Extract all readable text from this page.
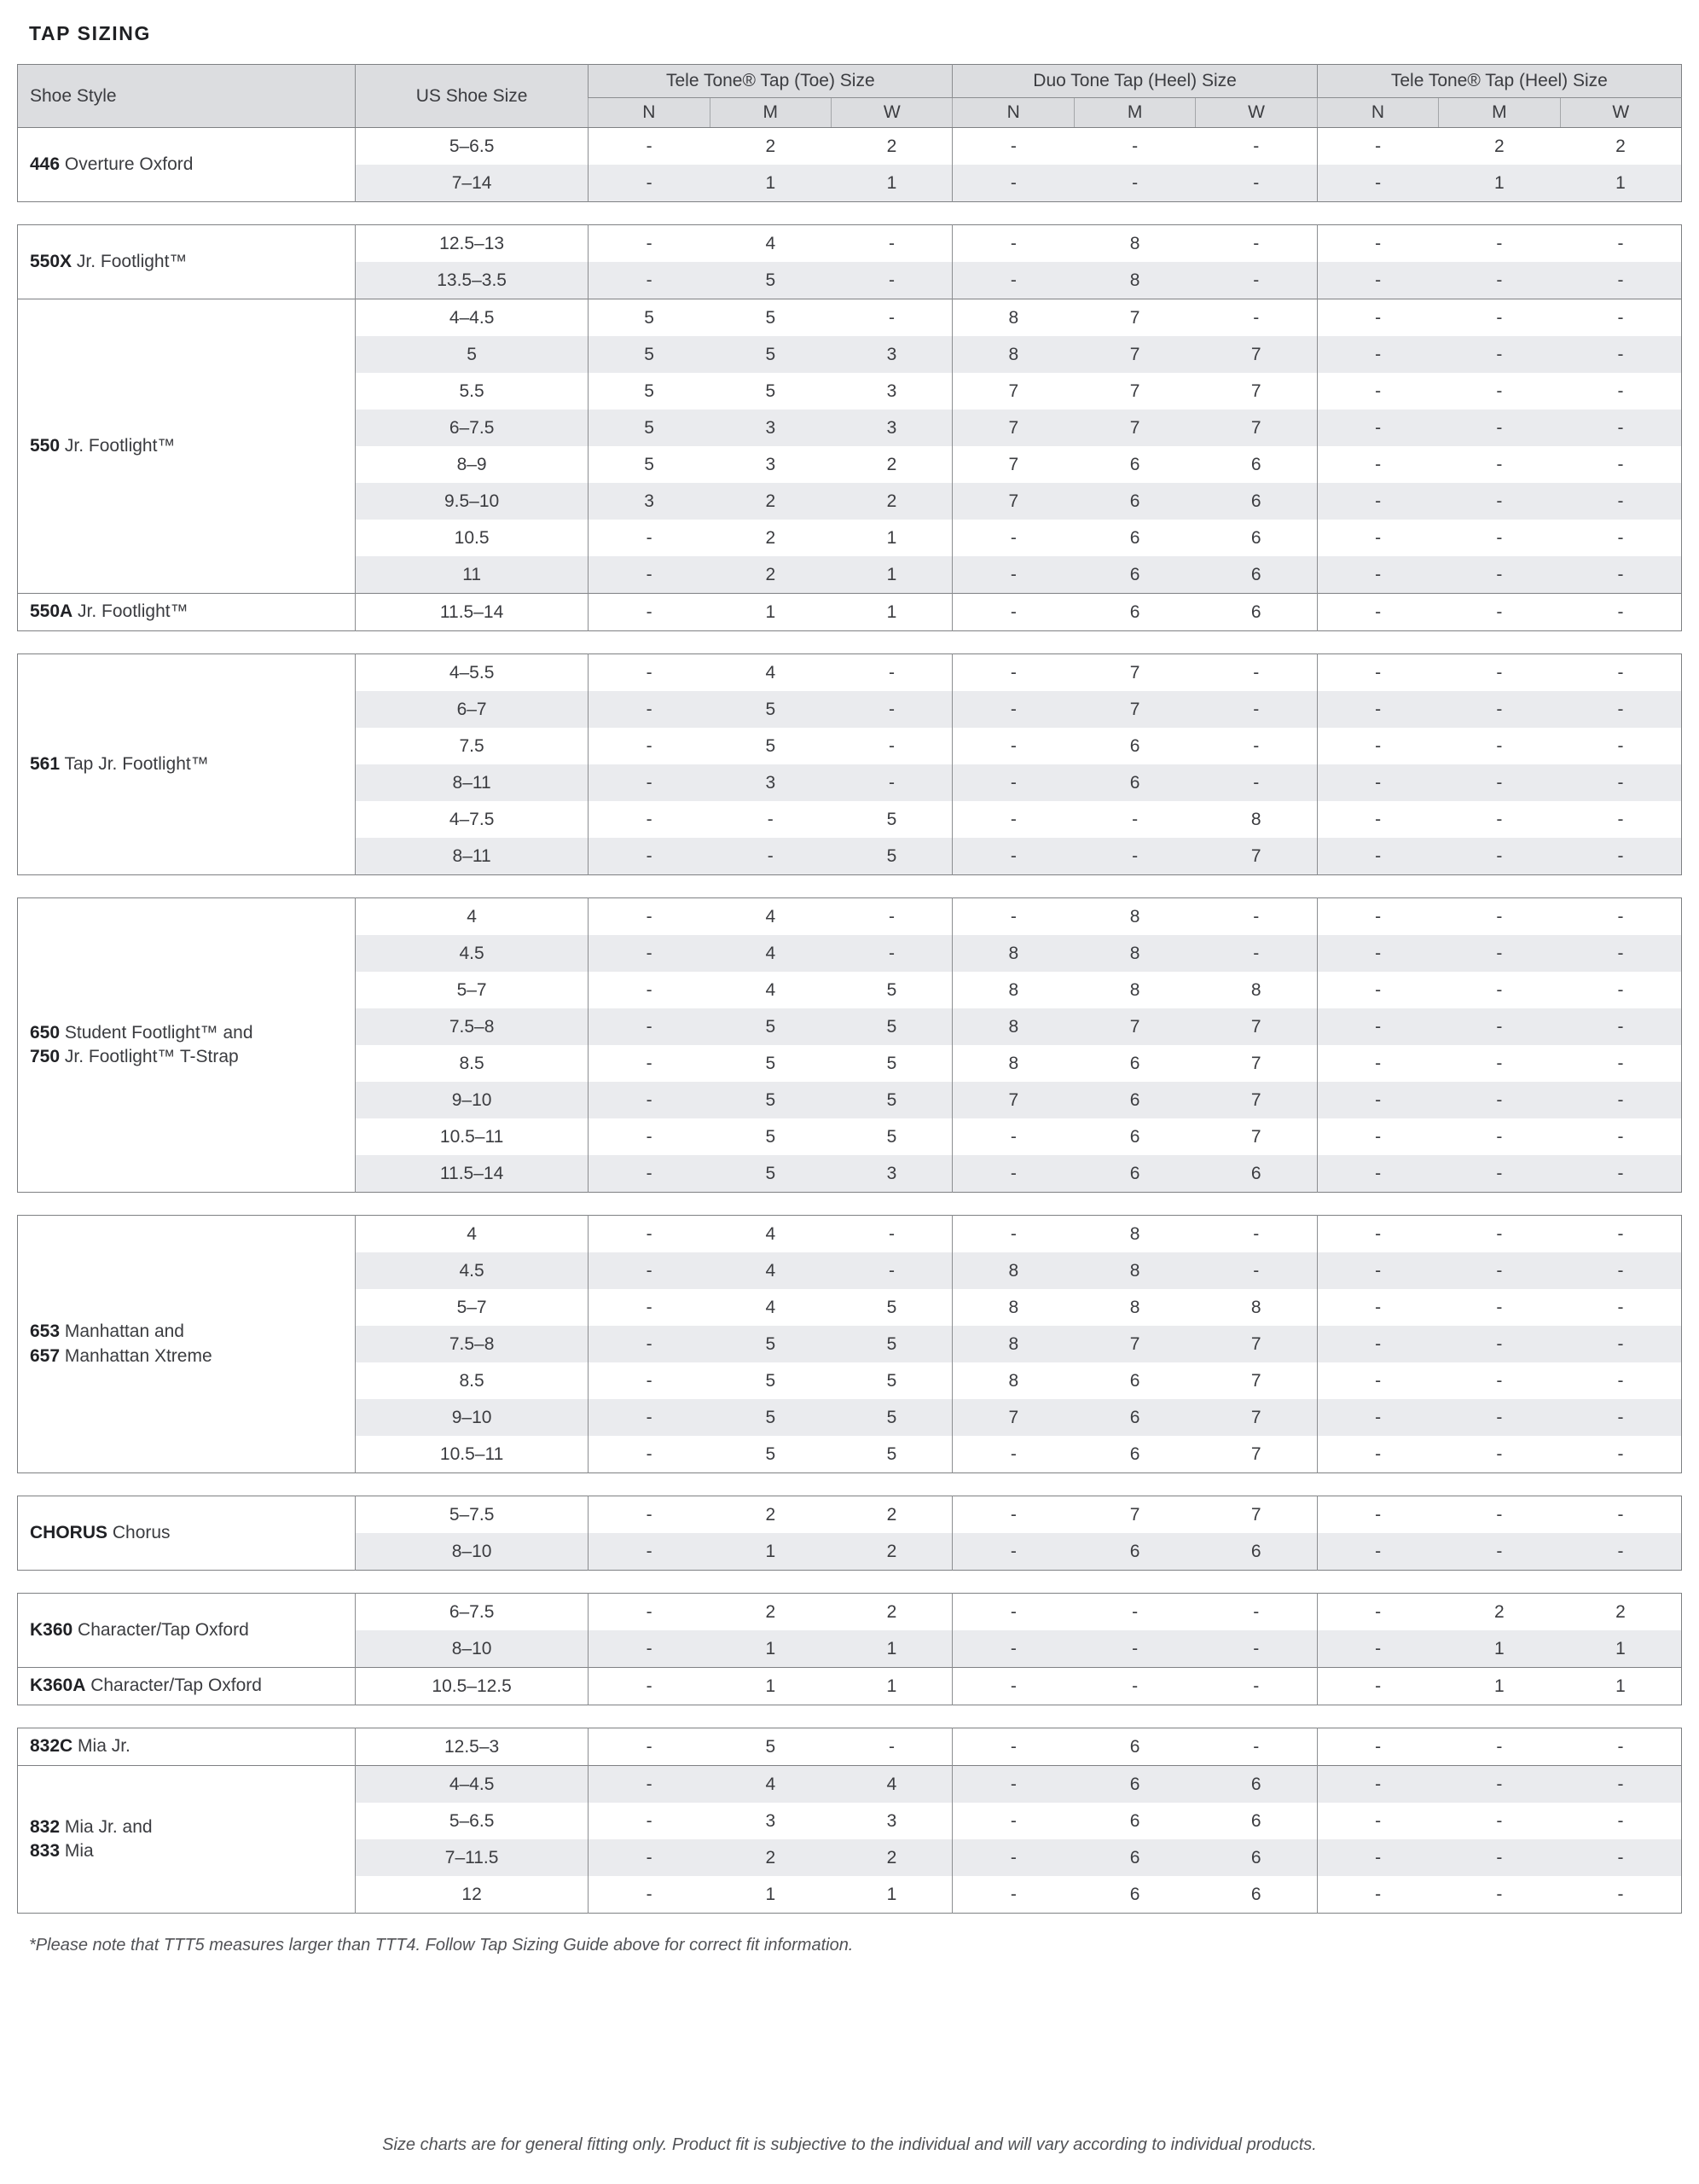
TAP SIZING
Shoe Style	US Shoe Size	Tele Tone® Tap (Toe) Size			Duo Tone Tap (Heel) Size			Tele Tone® Tap (Heel) Size		
		N	M	W	N	M	W	N	M	W

446 Overture Oxford	5–6.5	-	2	2	-	-	-	-	2	2
	7–14	-	1	1	-	-	-	-	1	1
550X Jr. Footlight™	12.5–13	-	4	-	-	8	-	-	-	-
	13.5–3.5	-	5	-	-	8	-	-	-	-

550 Jr. Footlight™	4–4.5	5	5	-	8	7	-	-	-	-
	5	5	5	3	8	7	7	-	-	-
	5.5	5	5	3	7	7	7	-	-	-
	6–7.5	5	3	3	7	7	7	-	-	-
	8–9	5	3	2	7	6	6	-	-	-
	9.5–10	3	2	2	7	6	6	-	-	-
	10.5	-	2	1	-	6	6	-	-	-
	11	-	2	1	-	6	6	-	-	-

550A Jr. Footlight™	11.5–14	-	1	1	-	6	6	-	-	-
561 Tap Jr. Footlight™	4–5.5	-	4	-	-	7	-	-	-	-
	6–7	-	5	-	-	7	-	-	-	-
	7.5	-	5	-	-	6	-	-	-	-
	8–11	-	3	-	-	6	-	-	-	-
	4–7.5	-	-	5	-	-	8	-	-	-
	8–11	-	-	5	-	-	7	-	-	-
650 Student Footlight™ and
750 Jr. Footlight™ T-Strap	4	-	4	-	-	8	-	-	-	-
	4.5	-	4	-	8	8	-	-	-	-
	5–7	-	4	5	8	8	8	-	-	-
	7.5–8	-	5	5	8	7	7	-	-	-
	8.5	-	5	5	8	6	7	-	-	-
	9–10	-	5	5	7	6	7	-	-	-
	10.5–11	-	5	5	-	6	7	-	-	-
	11.5–14	-	5	3	-	6	6	-	-	-
653 Manhattan and
657 Manhattan Xtreme	4	-	4	-	-	8	-	-	-	-
	4.5	-	4	-	8	8	-	-	-	-
	5–7	-	4	5	8	8	8	-	-	-
	7.5–8	-	5	5	8	7	7	-	-	-
	8.5	-	5	5	8	6	7	-	-	-
	9–10	-	5	5	7	6	7	-	-	-
	10.5–11	-	5	5	-	6	7	-	-	-
CHORUS Chorus	5–7.5	-	2	2	-	7	7	-	-	-
	8–10	-	1	2	-	6	6	-	-	-
K360 Character/Tap Oxford	6–7.5	-	2	2	-	-	-	-	2	2
	8–10	-	1	1	-	-	-	-	1	1

K360A Character/Tap Oxford	10.5–12.5	-	1	1	-	-	-	-	1	1
832C Mia Jr.	12.5–3	-	5	-	-	6	-	-	-	-

832 Mia Jr. and
833 Mia	4–4.5	-	4	4	-	6	6	-	-	-
	5–6.5	-	3	3	-	6	6	-	-	-
	7–11.5	-	2	2	-	6	6	-	-	-
	12	-	1	1	-	6	6	-	-	-

*Please note that TTT5 measures larger than TTT4. Follow Tap Sizing Guide above for correct fit information.

Size charts are for general fitting only. Product fit is subjective to the individual and will vary according to individual products.
